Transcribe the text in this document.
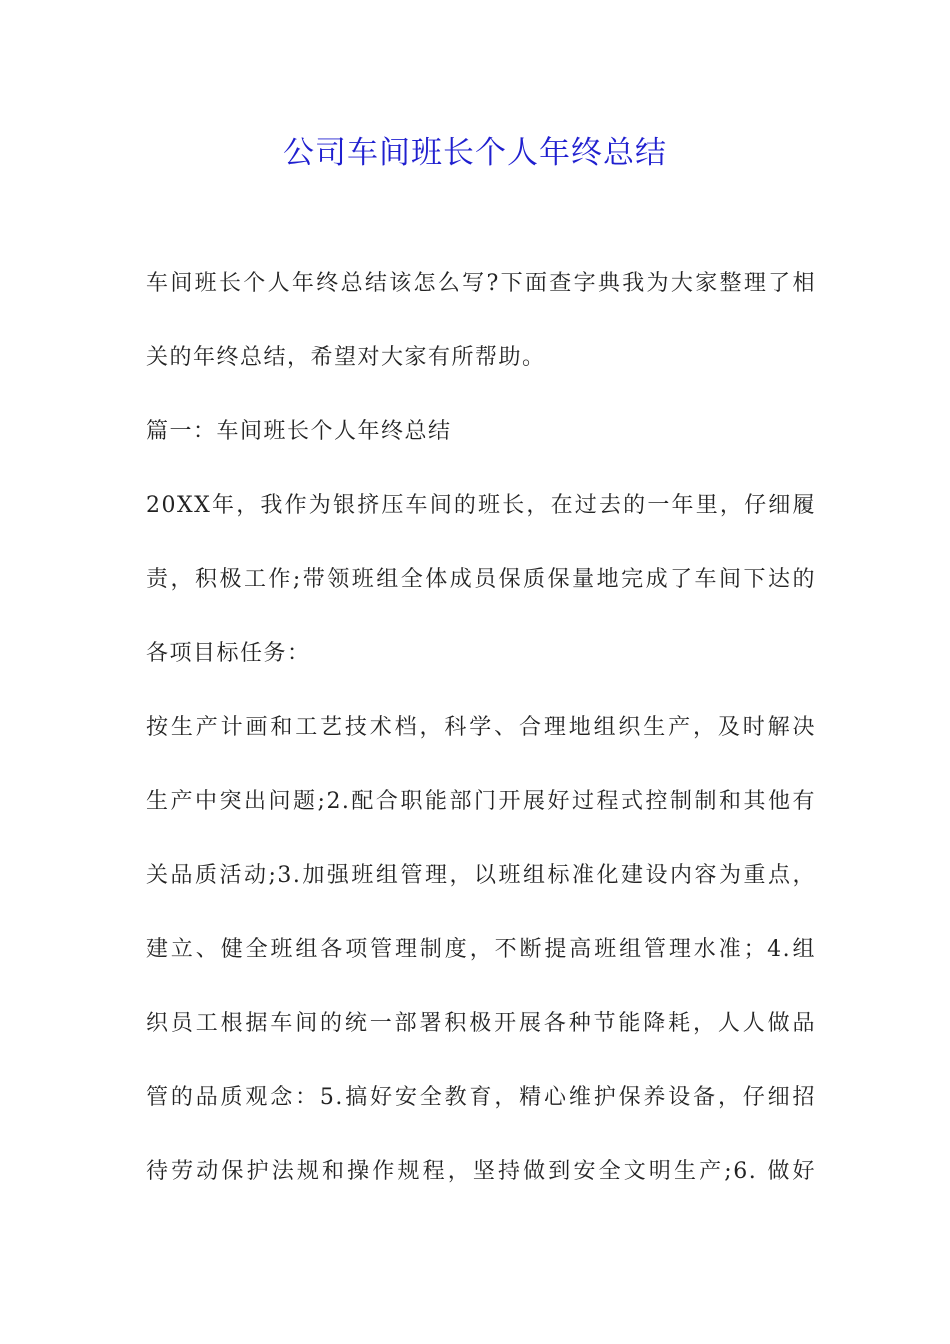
公司车间班长个人年终总结
车间班长个人年终总结该怎么写?下面查字典我为大家整理了相
关的年终总结，希望对大家有所帮助。
篇一：车间班长个人年终总结
20XX年，我作为银挤压车间的班长，在过去的一年里，仔细履
责，积极工作;带领班组全体成员保质保量地完成了车间下达的
各项目标任务：
按生产计画和工艺技术档，科学、合理地组织生产，及时解决
生产中突出问题;2.配合职能部门开展好过程式控制制和其他有
关品质活动;3.加强班组管理，以班组标准化建设内容为重点，
建立、健全班组各项管理制度，不断提高班组管理水准；4.组
织员工根据车间的统一部署积极开展各种节能降耗，人人做品
管的品质观念：5.搞好安全教育，精心维护保养设备，仔细招
待劳动保护法规和操作规程，坚持做到安全文明生产;6. 做好
